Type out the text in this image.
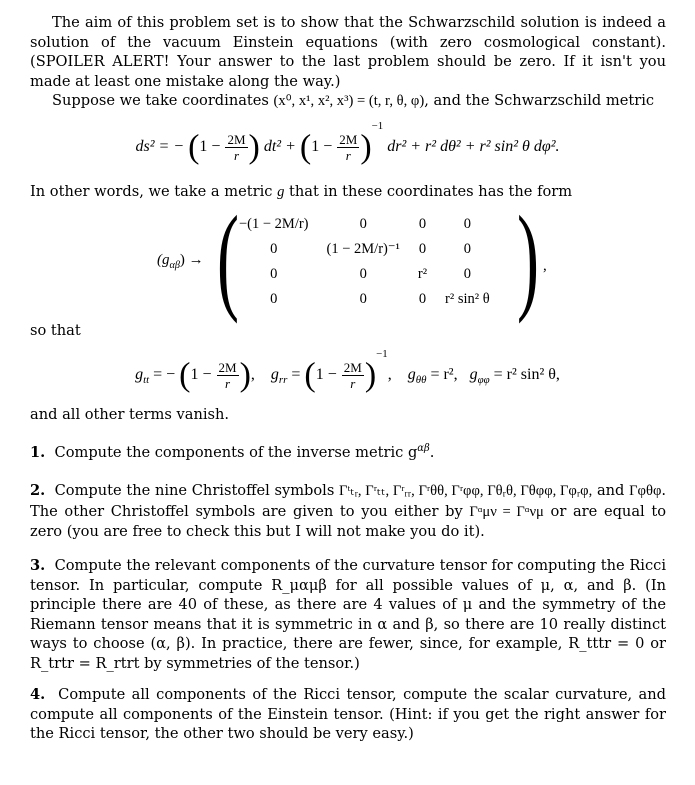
The aim of this problem set is to show that the Schwarzschild solution is indeed a solution of the vacuum Einstein equations (with zero cosmological constant). (SPOILER ALERT! Your answer to the last problem should be zero. If it isn't you made at least one mistake along the way.)

Suppose we take coordinates (x⁰, x¹, x², x³) = (t, r, θ, φ), and the Schwarzschild metric

ds² = − ($1 - \frac{2M}{r}$ ) $dt^2 + (1 - \frac{2M}{r} )^{-1}$ dr² + r² dθ² + r² sin² θ dφ².

In other words, we take a metric g that in these coordinates has the form

$(g_{\alpha\beta})$ → ( −(1 − 2M/r)	0	0	0
0	(1 − 2M/r)⁻¹	0	0
0	0	r²	0
0	0	0	r² sin² θ ) ,

so that

$g_{tt}$ = − ($1 - \frac{2M}{r}$ ),    $g_{rr} = (1 - \frac{2M}{r} )^{-1}$,    $g_{\theta\theta} = r^2$, $g_{\varphi\varphi} = r^2$ sin² θ,

and all other terms vanish.

1. Compute the components of the inverse metric $g^{\alpha\beta}$.

2. Compute the nine Christoffel symbols Γᵗₜᵣ, Γʳₜₜ, Γʳᵣᵣ, Γʳθθ, Γʳφφ, Γθᵣθ, Γθφφ, Γφᵣφ, and Γφθφ. The other Christoffel symbols are given to you either by Γᵅμν = Γᵅνμ or are equal to zero (you are free to check this but I will not make you do it).

3. Compute the relevant components of the curvature tensor for computing the Ricci tensor. In particular, compute R_μαμβ for all possible values of μ, α, and β. (In principle there are 40 of these, as there are 4 values of μ and the symmetry of the Riemann tensor means that it is symmetric in α and β, so there are 10 really distinct ways to choose (α, β). In practice, there are fewer, since, for example, R_tttr = 0 or R_trtr = R_rtrt by symmetries of the tensor.)

4. Compute all components of the Ricci tensor, compute the scalar curvature, and compute all components of the Einstein tensor. (Hint: if you get the right answer for the Ricci tensor, the other two should be very easy.)
